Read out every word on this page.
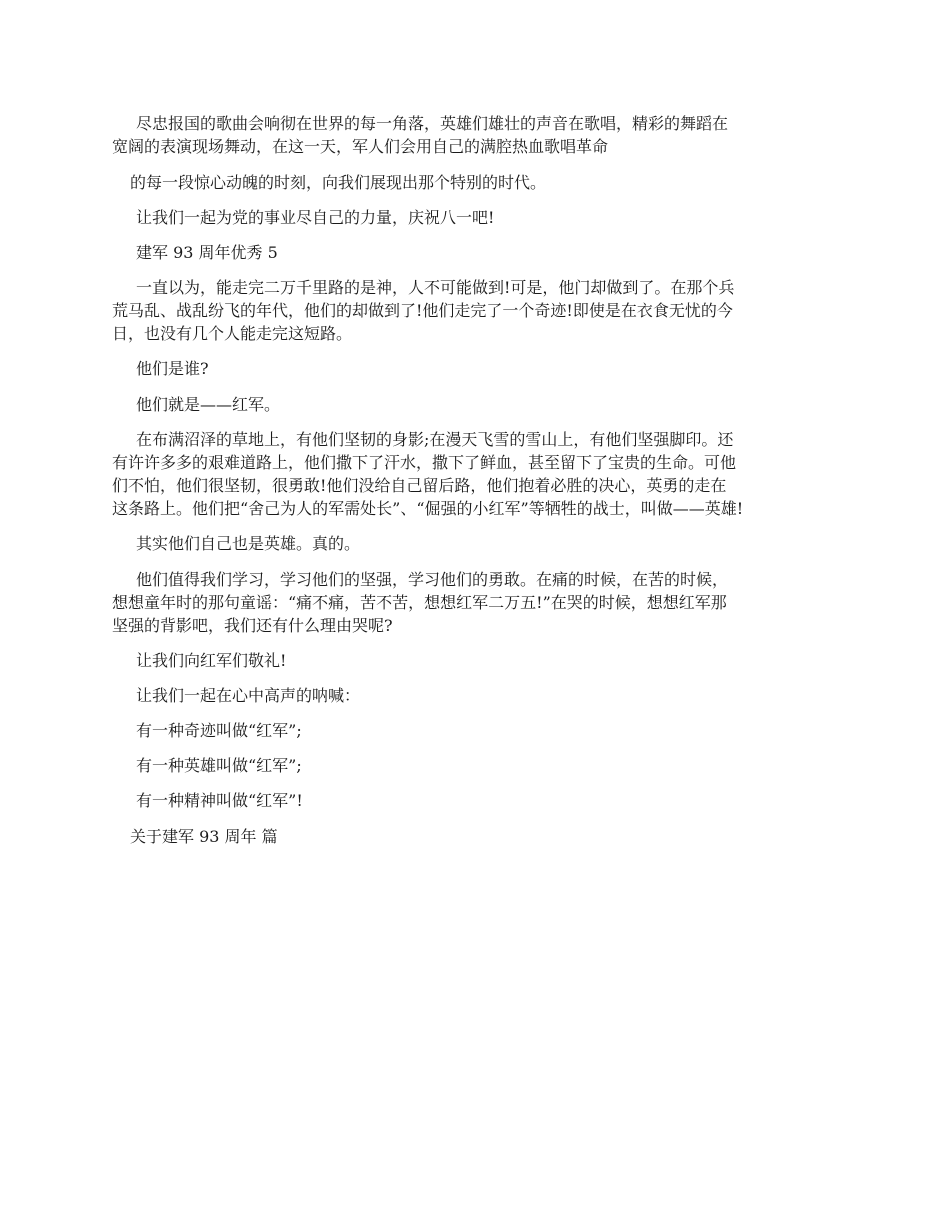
尽忠报国的歌曲会响彻在世界的每一角落，英雄们雄壮的声音在歌唱，精彩的舞蹈在
宽阔的表演现场舞动，在这一天，军人们会用自己的满腔热血歌唱革命
的每一段惊心动魄的时刻，向我们展现出那个特别的时代。
让我们一起为党的事业尽自己的力量，庆祝八一吧!
建军 93 周年优秀 5
一直以为，能走完二万千里路的是神，人不可能做到!可是，他门却做到了。在那个兵
荒马乱、战乱纷飞的年代，他们的却做到了!他们走完了一个奇迹!即使是在衣食无忧的今
日，也没有几个人能走完这短路。
他们是谁?
他们就是——红军。
在布满沼泽的草地上，有他们坚韧的身影;在漫天飞雪的雪山上，有他们坚强脚印。还
有许许多多的艰难道路上，他们撒下了汗水，撒下了鲜血，甚至留下了宝贵的生命。可他
们不怕，他们很坚韧，很勇敢!他们没给自己留后路，他们抱着必胜的决心，英勇的走在
这条路上。他们把“舍己为人的军需处长”、“倔强的小红军”等牺牲的战士，叫做——英雄!
其实他们自己也是英雄。真的。
他们值得我们学习，学习他们的坚强，学习他们的勇敢。在痛的时候，在苦的时候，
想想童年时的那句童谣：“痛不痛，苦不苦，想想红军二万五!”在哭的时候，想想红军那
坚强的背影吧，我们还有什么理由哭呢?
让我们向红军们敬礼!
让我们一起在心中高声的呐喊：
有一种奇迹叫做“红军”;
有一种英雄叫做“红军”;
有一种精神叫做“红军”!
关于建军 93 周年 篇
